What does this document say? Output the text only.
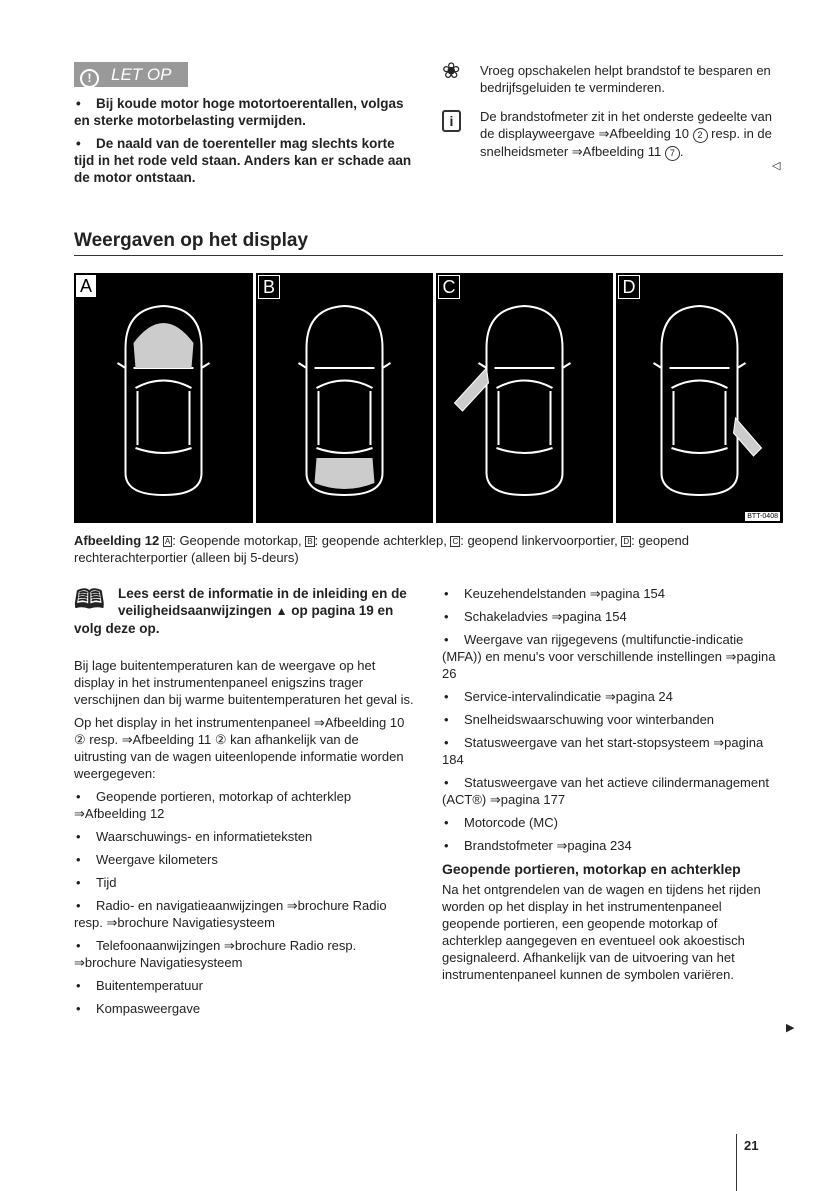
! LET OP

• Bij koude motor hoge motortoerentallen, volgas en sterke motorbelasting vermijden.

• De naald van de toerenteller mag slechts korte tijd in het rode veld staan. Anders kan er schade aan de motor ontstaan.

❀	Vroeg opschakelen helpt brandstof te besparen en bedrijfsgeluiden te verminderen.
i	De brandstofmeter zit in het onderste gedeelte van de displayweergave ⇒Afbeelding 10 2 resp. in de snelheidsmeter ⇒Afbeelding 11 7 .
◁
Weergaven op het display
A	B	C	D
BTT-0408
Afbeelding 12 A : Geopende motorkap, B : geopende achterklep, C : geopend linkervoorportier, D : geopend rechterachterportier (alleen bij 5-deurs)
🕮 Lees eerst de informatie in de inleiding en de veiligheidsaanwijzingen ▲ op pagina 19 en volg deze op.

Bij lage buitentemperaturen kan de weergave op het display in het instrumentenpaneel enigszins trager verschijnen dan bij warme buitentemperaturen het geval is.

Op het display in het instrumentenpaneel ⇒Afbeelding 10 ② resp. ⇒Afbeelding 11 ② kan afhankelijk van de uitrusting van de wagen uiteenlopende informatie worden weergegeven:

• Geopende portieren, motorkap of achterklep ⇒Afbeelding 12

• Waarschuwings- en informatieteksten

• Weergave kilometers

• Tijd

• Radio- en navigatieaanwijzingen ⇒brochure Radio resp. ⇒brochure Navigatiesysteem

• Telefoonaanwijzingen ⇒brochure Radio resp. ⇒brochure Navigatiesysteem

• Buitentemperatuur

• Kompasweergave

• Keuzehendelstanden ⇒pagina 154

• Schakeladvies ⇒pagina 154

• Weergave van rijgegevens (multifunctie-indicatie (MFA)) en menu's voor verschillende instellingen ⇒pagina 26

• Service-intervalindicatie ⇒pagina 24

• Snelheidswaarschuwing voor winterbanden

• Statusweergave van het start-stopsysteem ⇒pagina 184

• Statusweergave van het actieve cilindermanagement (ACT®) ⇒pagina 177

• Motorcode (MC)

• Brandstofmeter ⇒pagina 234

Geopende portieren, motorkap en achterklep

Na het ontgrendelen van de wagen en tijdens het rijden worden op het display in het instrumentenpaneel geopende portieren, een geopende motorkap of achterklep aangegeven en eventueel ook akoestisch gesignaleerd. Afhankelijk van de uitvoering van het instrumentenpaneel kunnen de symbolen variëren.

▶
21
